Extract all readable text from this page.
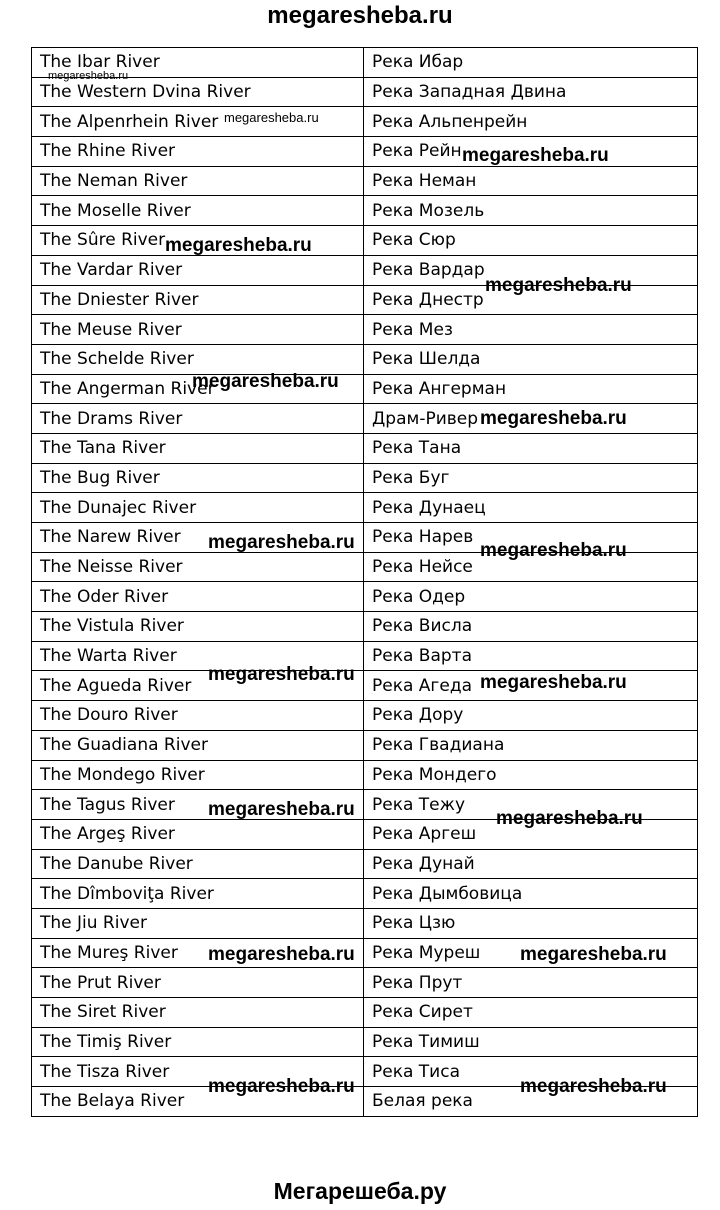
megaresheba.ru
The Ibar River	Река Ибар
The Western Dvina River	Река Западная Двина
The Alpenrhein River	Река Альпенрейн
The Rhine River	Река Рейн
The Neman River	Река Неман
The Moselle River	Река Мозель
The Sûre River	Река Сюр
The Vardar River	Река Вардар
The Dniester River	Река Днестр
The Meuse River	Река Мез
The Schelde River	Река Шелда
The Angerman River	Река Ангерман
The Drams River	Драм-Ривер
The Tana River	Река Тана
The Bug River	Река Буг
The Dunajec River	Река Дунаец
The Narew River	Река Нарев
The Neisse River	Река Нейсе
The Oder River	Река Одер
The Vistula River	Река Висла
The Warta River	Река Варта
The Agueda River	Река Агеда
The Douro River	Река Дору
The Guadiana River	Река Гвадиана
The Mondego River	Река Мондего
The Tagus River	Река Тежу
The Argeş River	Река Аргеш
The Danube River	Река Дунай
The Dîmboviţa River	Река Дымбовица
The Jiu River	Река Цзю
The Mureş River	Река Муреш
The Prut River	Река Прут
The Siret River	Река Сирет
The Timiş River	Река Тимиш
The Tisza River	Река Тиса
The Belaya River	Белая река
megaresheba.ru
megaresheba.ru
megaresheba.ru
megaresheba.ru
megaresheba.ru
megaresheba.ru
megaresheba.ru
megaresheba.ru	megaresheba.ru
megaresheba.ru	megaresheba.ru
megaresheba.ru	megaresheba.ru
megaresheba.ru	megaresheba.ru
megaresheba.ru	megaresheba.ru
Мегарешеба.ру
